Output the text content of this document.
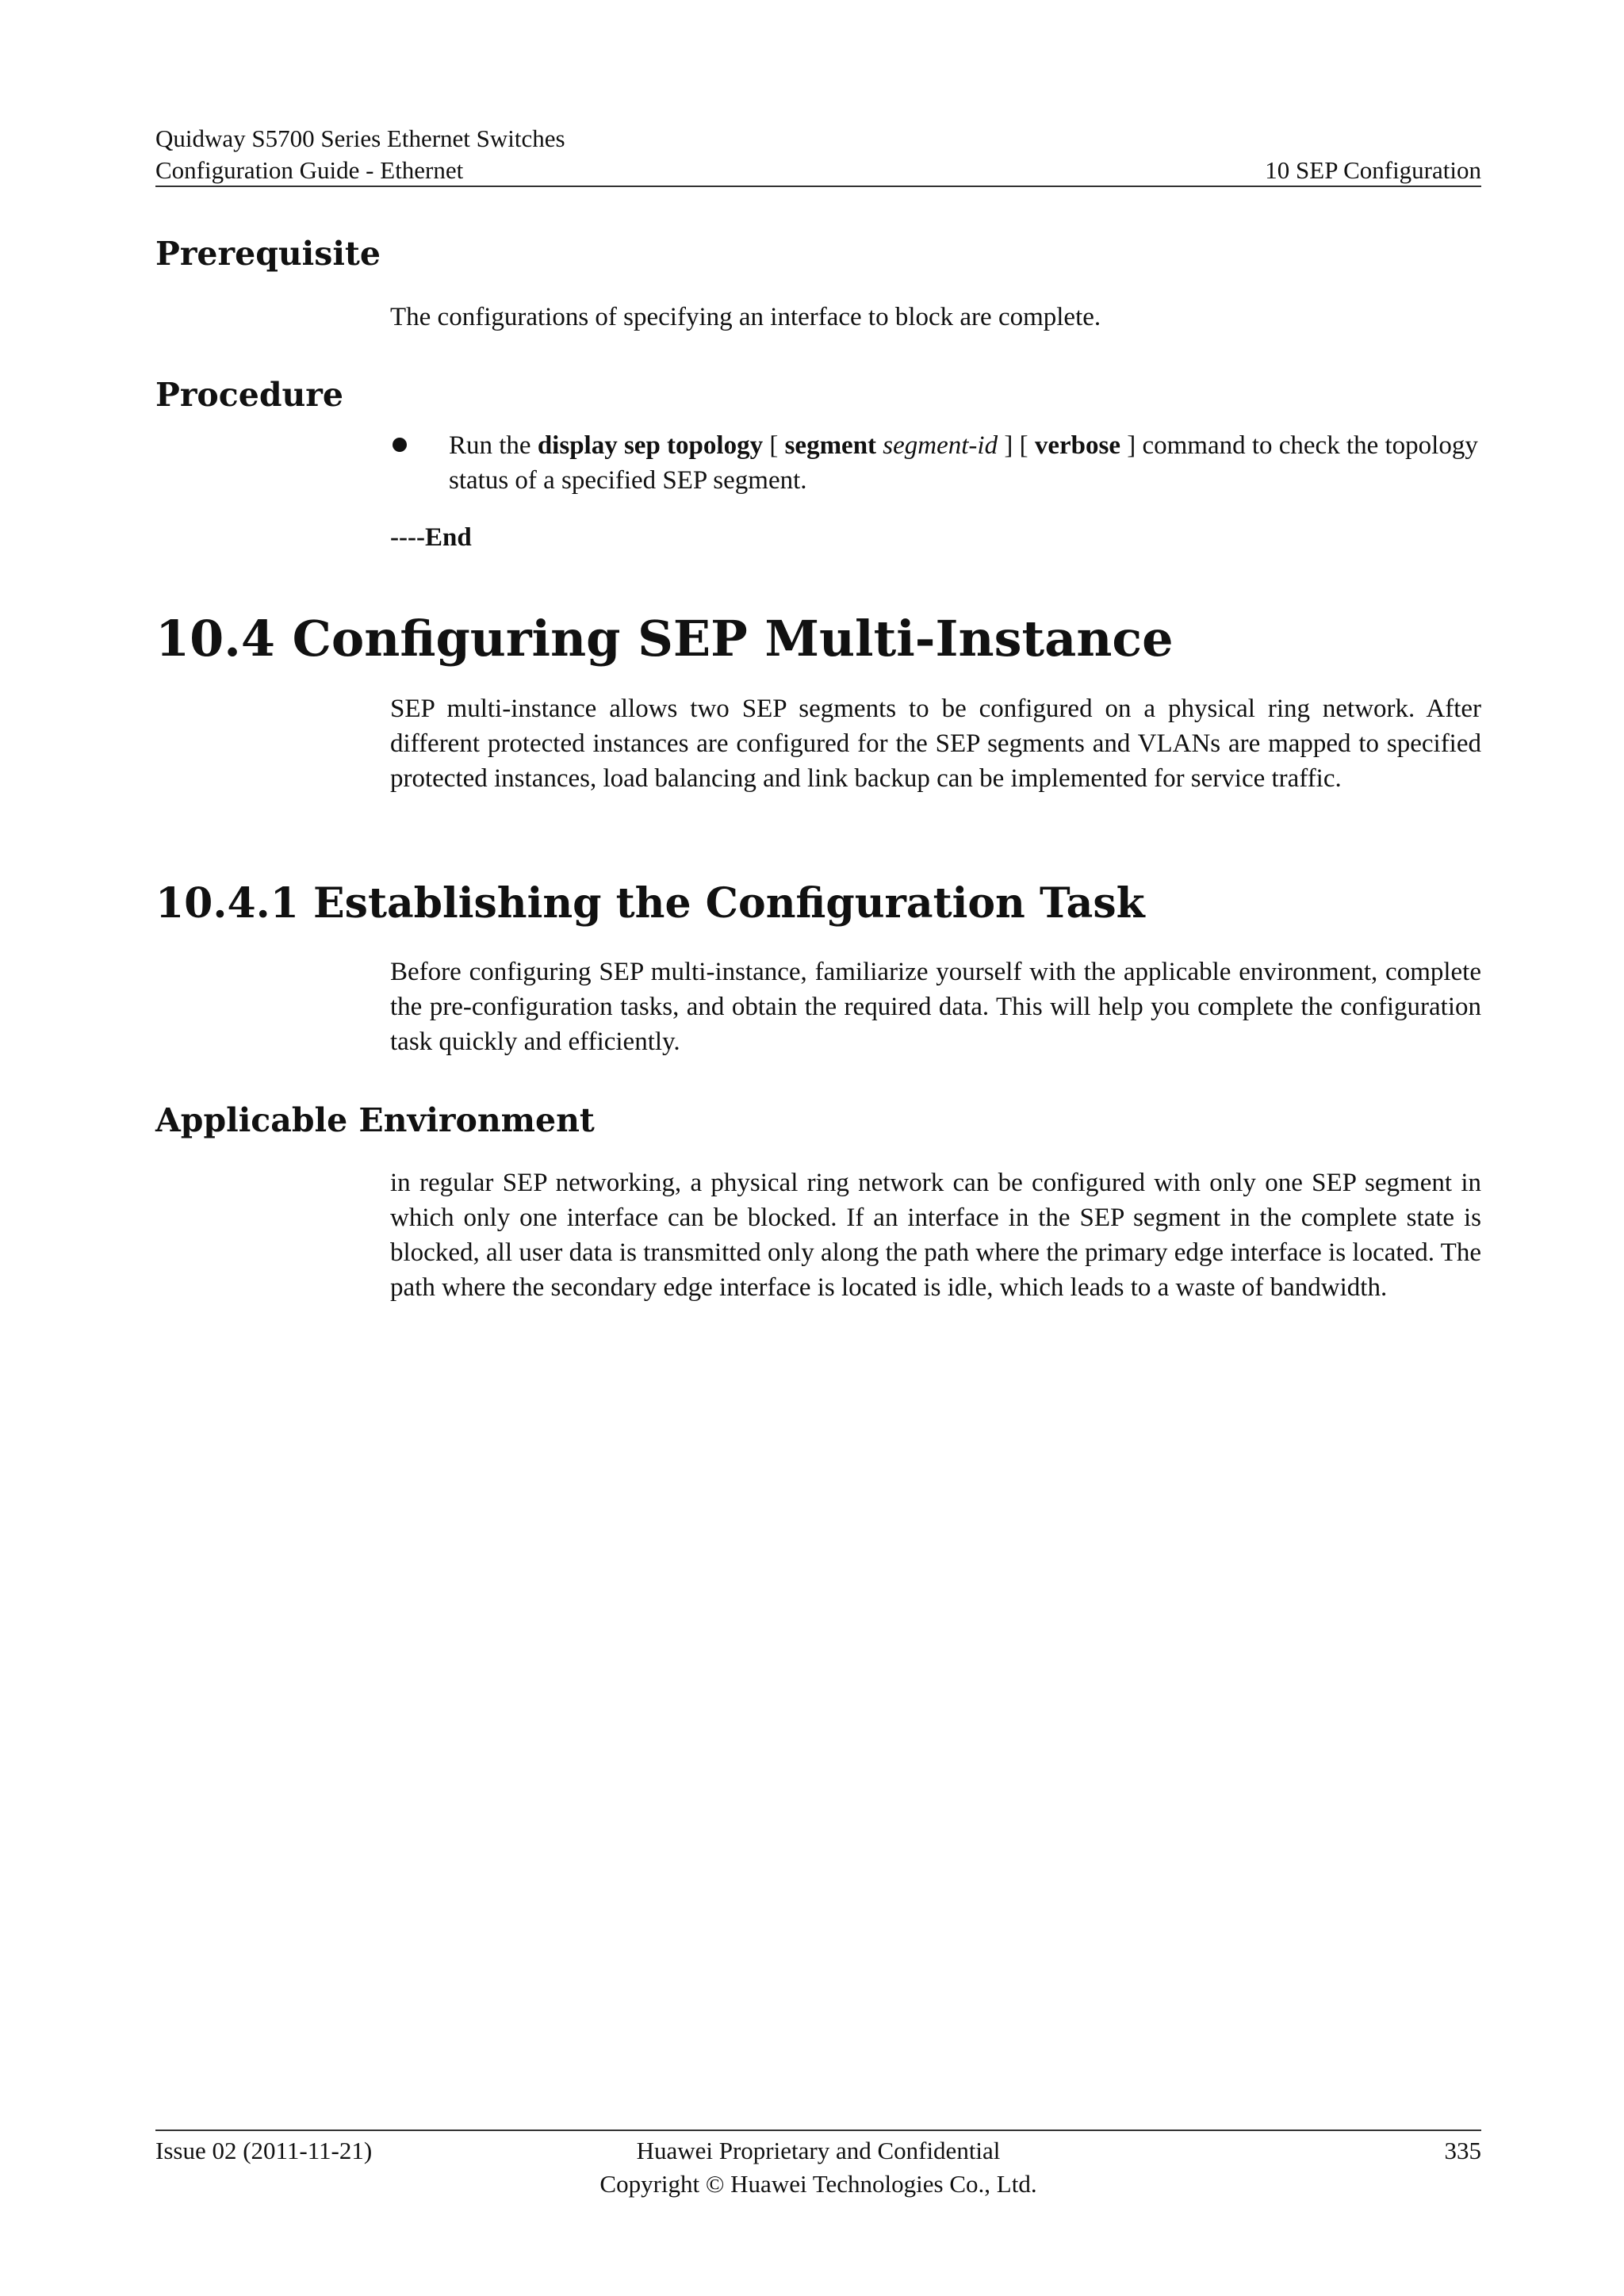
Quidway S5700 Series Ethernet Switches
Configuration Guide - Ethernet	10 SEP Configuration
Prerequisite

The configurations of specifying an interface to block are complete.

Procedure
Run the display sep topology [ segment segment-id ] [ verbose ] command to check the topology status of a specified SEP segment.
----End
10.4 Configuring SEP Multi-Instance

SEP multi-instance allows two SEP segments to be configured on a physical ring network. After different protected instances are configured for the SEP segments and VLANs are mapped to specified protected instances, load balancing and link backup can be implemented for service traffic.

10.4.1 Establishing the Configuration Task

Before configuring SEP multi-instance, familiarize yourself with the applicable environment, complete the pre-configuration tasks, and obtain the required data. This will help you complete the configuration task quickly and efficiently.

Applicable Environment

in regular SEP networking, a physical ring network can be configured with only one SEP segment in which only one interface can be blocked. If an interface in the SEP segment in the complete state is blocked, all user data is transmitted only along the path where the primary edge interface is located. The path where the secondary edge interface is located is idle, which leads to a waste of bandwidth.

Issue 02 (2011-11-21)	Huawei Proprietary and Confidential
Copyright © Huawei Technologies Co., Ltd.
335
